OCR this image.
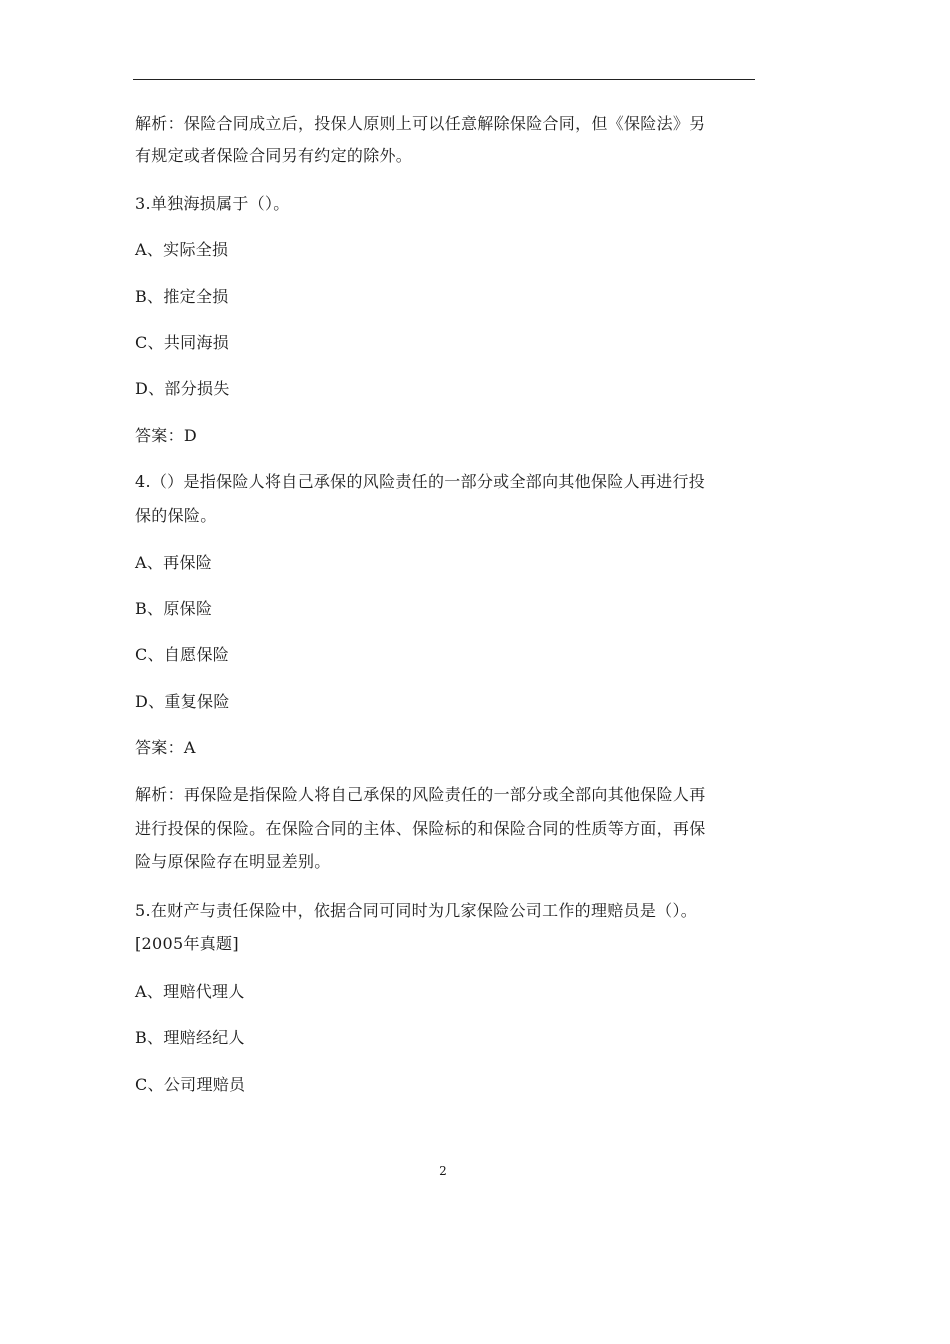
解析：保险合同成立后，投保人原则上可以任意解除保险合同，但《保险法》另
有规定或者保险合同另有约定的除外。
3.单独海损属于（）。
A、实际全损
B、推定全损
C、共同海损
D、部分损失
答案：D
4.（）是指保险人将自己承保的风险责任的一部分或全部向其他保险人再进行投
保的保险。
A、再保险
B、原保险
C、自愿保险
D、重复保险
答案：A
解析：再保险是指保险人将自己承保的风险责任的一部分或全部向其他保险人再
进行投保的保险。在保险合同的主体、保险标的和保险合同的性质等方面，再保
险与原保险存在明显差别。
5.在财产与责任保险中，依据合同可同时为几家保险公司工作的理赔员是（）。
[2005年真题]
A、理赔代理人
B、理赔经纪人
C、公司理赔员
2
